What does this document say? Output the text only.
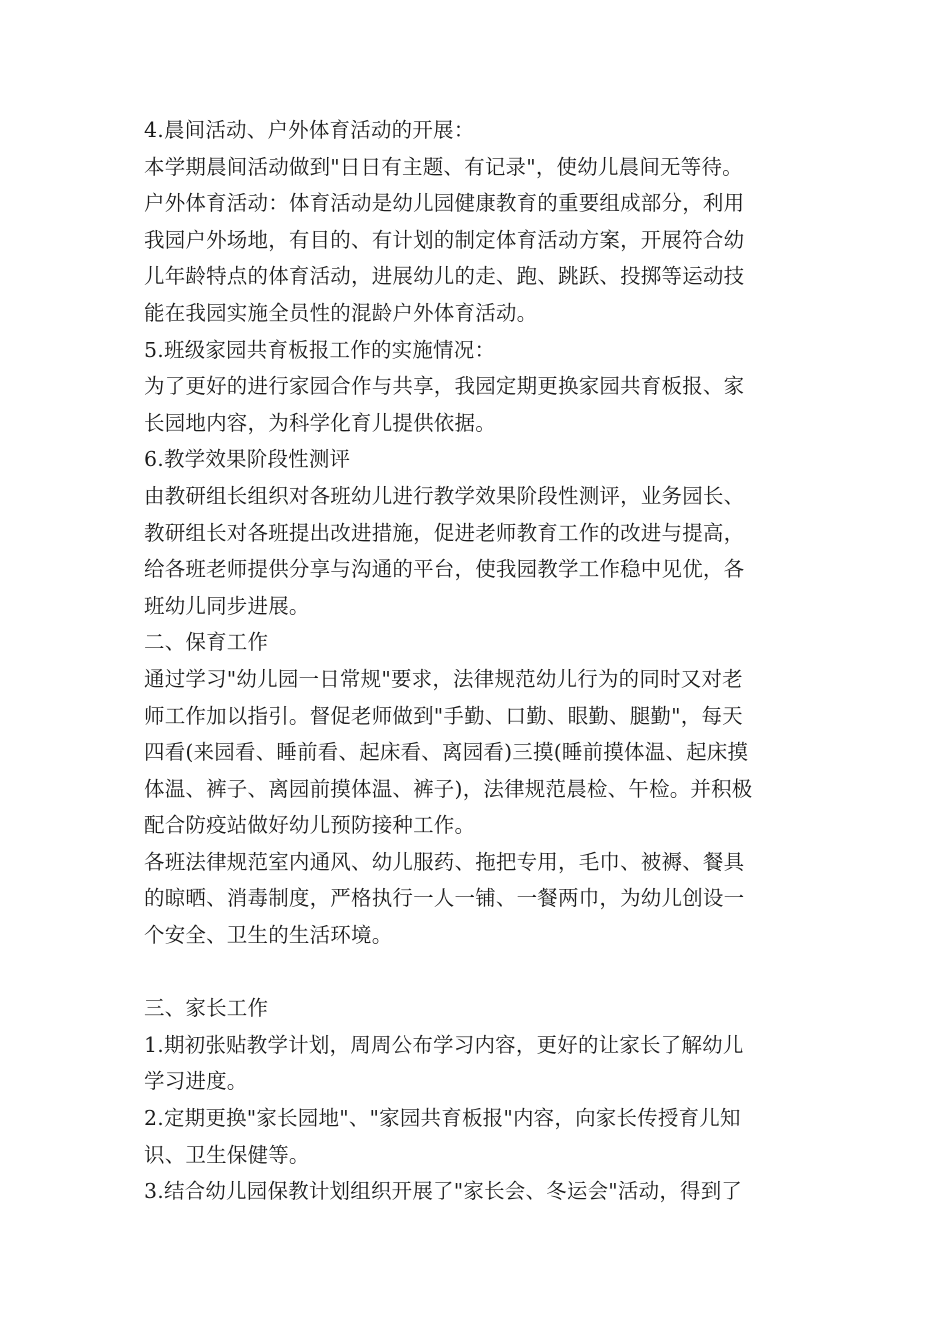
4.晨间活动、户外体育活动的开展：
本学期晨间活动做到"日日有主题、有记录"，使幼儿晨间无等待。
户外体育活动：体育活动是幼儿园健康教育的重要组成部分，利用
我园户外场地，有目的、有计划的制定体育活动方案，开展符合幼
儿年龄特点的体育活动，进展幼儿的走、跑、跳跃、投掷等运动技
能在我园实施全员性的混龄户外体育活动。
5.班级家园共育板报工作的实施情况：
为了更好的进行家园合作与共享，我园定期更换家园共育板报、家
长园地内容，为科学化育儿提供依据。
6.教学效果阶段性测评
由教研组长组织对各班幼儿进行教学效果阶段性测评，业务园长、
教研组长对各班提出改进措施，促进老师教育工作的改进与提高，
给各班老师提供分享与沟通的平台，使我园教学工作稳中见优，各
班幼儿同步进展。
二、保育工作
通过学习"幼儿园一日常规"要求，法律规范幼儿行为的同时又对老
师工作加以指引。督促老师做到"手勤、口勤、眼勤、腿勤"，每天
四看(来园看、睡前看、起床看、离园看)三摸(睡前摸体温、起床摸
体温、裤子、离园前摸体温、裤子)，法律规范晨检、午检。并积极
配合防疫站做好幼儿预防接种工作。
各班法律规范室内通风、幼儿服药、拖把专用，毛巾、被褥、餐具
的晾晒、消毒制度，严格执行一人一铺、一餐两巾，为幼儿创设一
个安全、卫生的生活环境。
三、家长工作
1.期初张贴教学计划，周周公布学习内容，更好的让家长了解幼儿
学习进度。
2.定期更换"家长园地"、"家园共育板报"内容，向家长传授育儿知
识、卫生保健等。
3.结合幼儿园保教计划组织开展了"家长会、冬运会"活动，得到了
